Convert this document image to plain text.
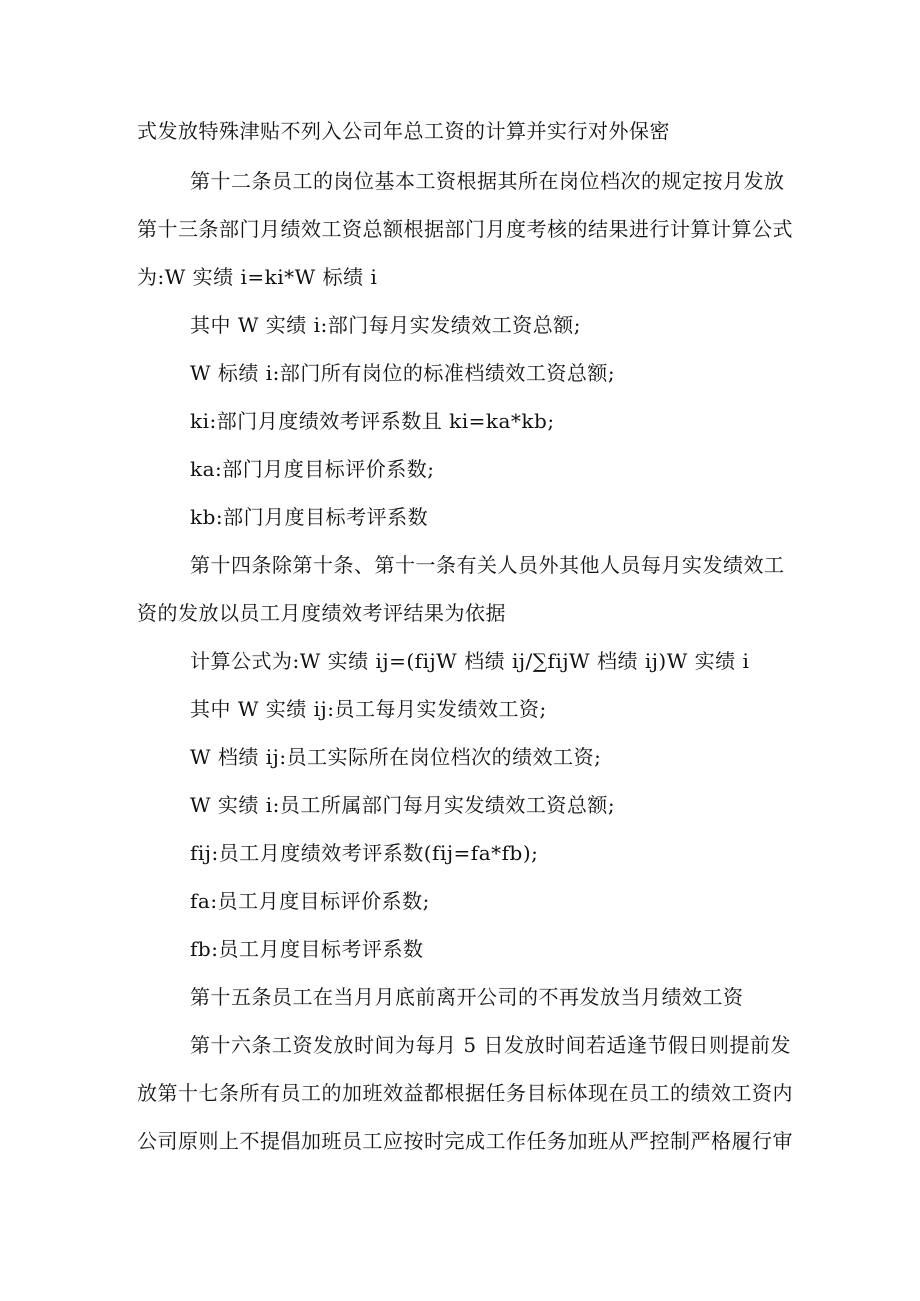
式发放特殊津贴不列入公司年总工资的计算并实行对外保密
第十二条员工的岗位基本工资根据其所在岗位档次的规定按月发放
第十三条部门月绩效工资总额根据部门月度考核的结果进行计算计算公式
为:W 实绩 i=ki*W 标绩 i
其中 W 实绩 i:部门每月实发绩效工资总额;
W 标绩 i:部门所有岗位的标准档绩效工资总额;
ki:部门月度绩效考评系数且 ki=ka*kb;
ka:部门月度目标评价系数;
kb:部门月度目标考评系数
第十四条除第十条、第十一条有关人员外其他人员每月实发绩效工
资的发放以员工月度绩效考评结果为依据
计算公式为:W 实绩 ij=(fijW 档绩 ij/∑fijW 档绩 ij)W 实绩 i
其中 W 实绩 ij:员工每月实发绩效工资;
W 档绩 ij:员工实际所在岗位档次的绩效工资;
W 实绩 i:员工所属部门每月实发绩效工资总额;
fij:员工月度绩效考评系数(fij=fa*fb);
fa:员工月度目标评价系数;
fb:员工月度目标考评系数
第十五条员工在当月月底前离开公司的不再发放当月绩效工资
第十六条工资发放时间为每月 5 日发放时间若适逢节假日则提前发
放第十七条所有员工的加班效益都根据任务目标体现在员工的绩效工资内
公司原则上不提倡加班员工应按时完成工作任务加班从严控制严格履行审
